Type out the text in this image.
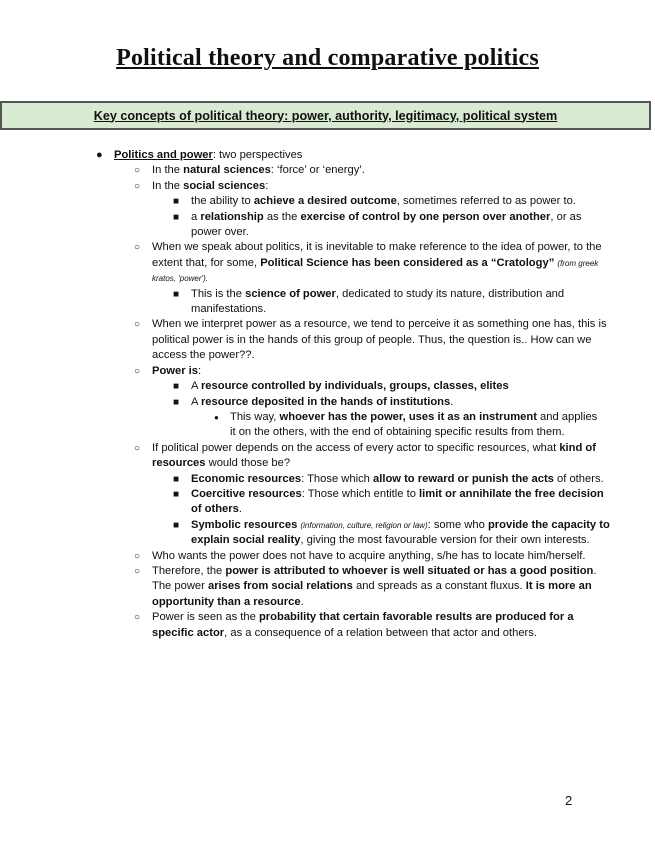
Political theory and comparative politics
Key concepts of political theory: power, authority, legitimacy, political system

● Politics and power: two perspectives

○ In the natural sciences: ‘force’ or ‘energy’.

○ In the social sciences:

■ the ability to achieve a desired outcome, sometimes referred to as power to.

■ a relationship as the exercise of control by one person over another, or as power over.

○ When we speak about politics, it is inevitable to make reference to the idea of power, to the extent that, for some, Political Science has been considered as a “Cratology” (from greek kratos, 'power').

■ This is the science of power, dedicated to study its nature, distribution and manifestations.

○ When we interpret power as a resource, we tend to perceive it as something one has, this is political power is in the hands of this group of people. Thus, the question is.. How can we access the power??.

○ Power is:

■ A resource controlled by individuals, groups, classes, elites

■ A resource deposited in the hands of institutions.

● This way, whoever has the power, uses it as an instrument and applies it on the others, with the end of obtaining specific results from them.

○ If political power depends on the access of every actor to specific resources, what kind of resources would those be?

■ Economic resources: Those which allow to reward or punish the acts of others.

■ Coercitive resources: Those which entitle to limit or annihilate the free decision of others.

■ Symbolic resources (information, culture, religion or law): some who provide the capacity to explain social reality, giving the most favourable version for their own interests.

○ Who wants the power does not have to acquire anything, s/he has to locate him/herself.

○ Therefore, the power is attributed to whoever is well situated or has a good position. The power arises from social relations and spreads as a constant fluxus. It is more an opportunity than a resource.

○ Power is seen as the probability that certain favorable results are produced for a specific actor, as a consequence of a relation between that actor and others.

2
